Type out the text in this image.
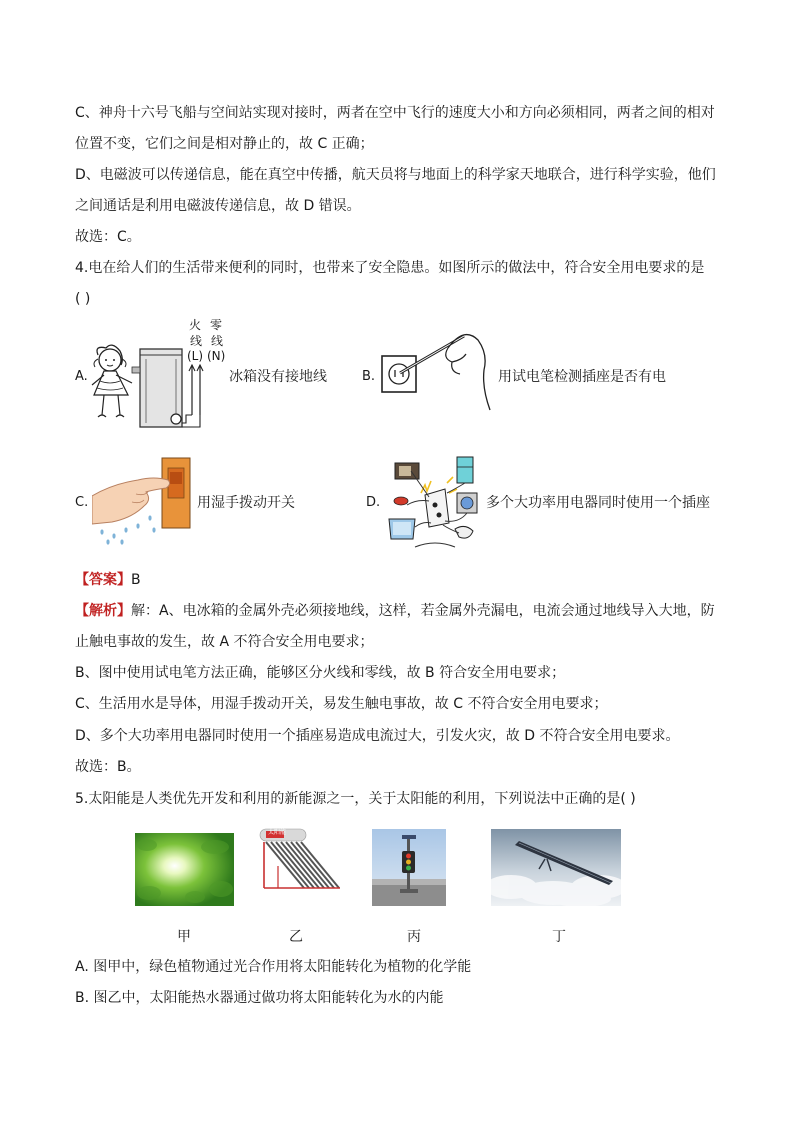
C、神舟十六号飞船与空间站实现对接时，两者在空中飞行的速度大小和方向必须相同，两者之间的相对
位置不变，它们之间是相对静止的，故 C 正确；
D、电磁波可以传递信息，能在真空中传播，航天员将与地面上的科学家天地联合，进行科学实验，他们
之间通话是利用电磁波传递信息，故 D 错误。
故选：C。
4.电在给人们的生活带来便利的同时，也带来了安全隐患。如图所示的做法中，符合安全用电要求的是
( )
A.
火 零
线 线
(L) (N)
冰箱没有接地线	B.	用试电笔检测插座是否有电
C.	用湿手拨动开关	D.	多个大功率用电器同时使用一个插座
【答案】B
【解析】解：A、电冰箱的金属外壳必须接地线，这样，若金属外壳漏电，电流会通过地线导入大地，防
止触电事故的发生，故 A 不符合安全用电要求；
B、图中使用试电笔方法正确，能够区分火线和零线，故 B 符合安全用电要求；
C、生活用水是导体，用湿手拨动开关，易发生触电事故，故 C 不符合安全用电要求；
D、多个大功率用电器同时使用一个插座易造成电流过大，引发火灾，故 D 不符合安全用电要求。
故选：B。
5.太阳能是人类优先开发和利用的新能源之一，关于太阳能的利用，下列说法中正确的是( )
太阳能
甲	乙	丙	丁
A. 图甲中，绿色植物通过光合作用将太阳能转化为植物的化学能
B. 图乙中，太阳能热水器通过做功将太阳能转化为水的内能
